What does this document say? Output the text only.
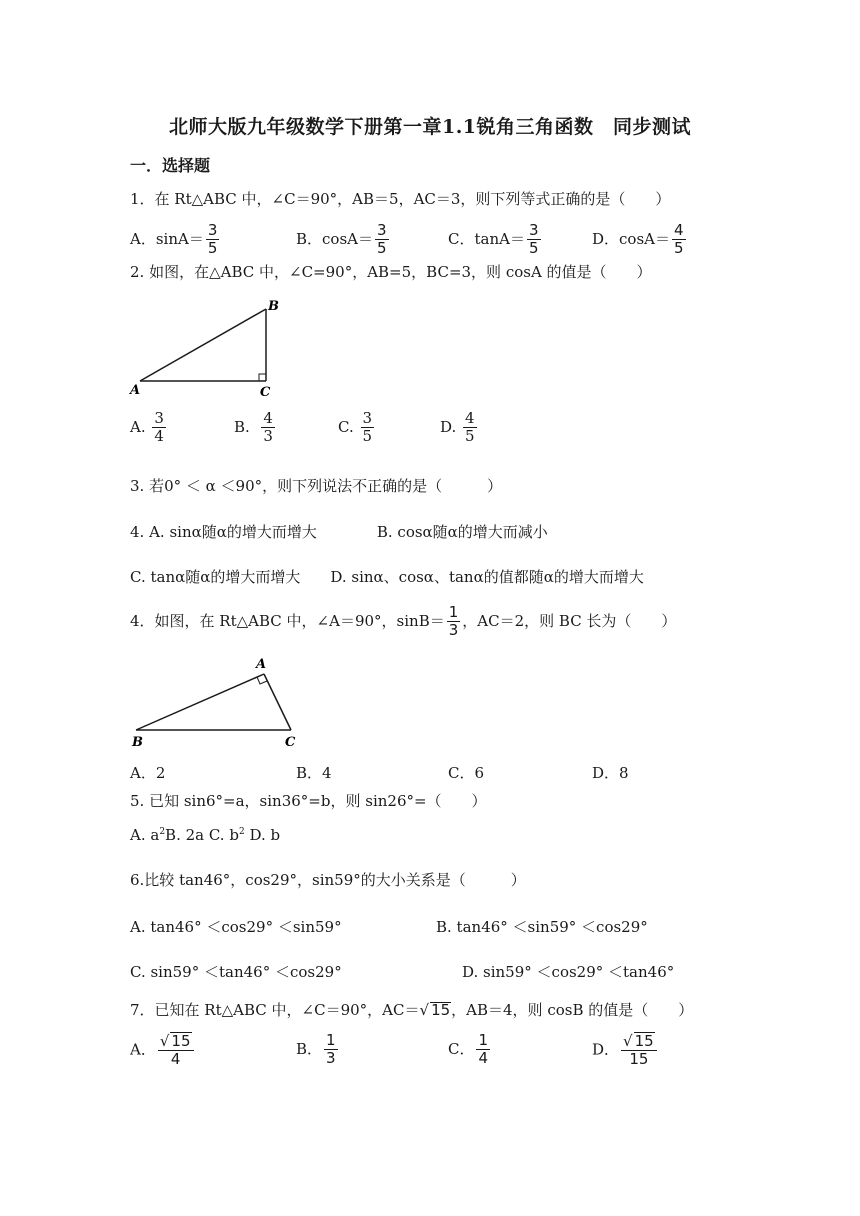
北师大版九年级数学下册第一章1.1锐角三角函数　同步测试
一．选择题
1．在 Rt△ABC 中，∠C＝90°，AB＝5，AC＝3，则下列等式正确的是（　　）
A．$\sin A= \frac{3}{5}$	B．$\cos A= \frac{3}{5}$	C．$\tan A= \frac{3}{5}$	D．$\cos A= \frac{4}{5}$
2. 如图，在△ABC 中，∠C=90°，AB=5，BC=3，则 cosA 的值是（　　）
A
B
C
A. $\frac{3}{4}$	B. $\frac{4}{3}$	C. $\frac{3}{5}$	D. $\frac{4}{5}$
3. 若0° ＜ α ＜90°，则下列说法不正确的是（　　　）
4. A. sinα随α的增大而增大　　　　B. cosα随α的增大而减小
C. tanα随α的增大而增大　　D. sinα、cosα、tanα的值都随α的增大而增大
4．如图，在 Rt△ABC 中，∠A＝90°，$\sin B= \frac{1}{3}$ ，AC＝2，则 BC 长为（　　）
A
B	C
A．2	B．4	C．6	D．8
5. 已知 sin6°=a，sin36°=b，则 sin26°=（　　）
A. $a^2B$. 2a C. $b^2$ D. b
6.比较 tan46°，cos29°，sin59°的大小关系是（　　　）
A. tan46° ＜cos29° ＜sin59°	B. tan46° ＜sin59° ＜cos29°
C. sin59° ＜tan46° ＜cos29°	D. sin59° ＜cos29° ＜tan46°
7．已知在 Rt△ABC 中，∠C＝90°，AC＝√ 15，AB＝4，则 cosB 的值是（　　）
A． $\frac{√ 15}{4}$	B． $\frac{1}{3}$	C． $\frac{1}{4}$	D． $\frac{√ 15}{15}$
